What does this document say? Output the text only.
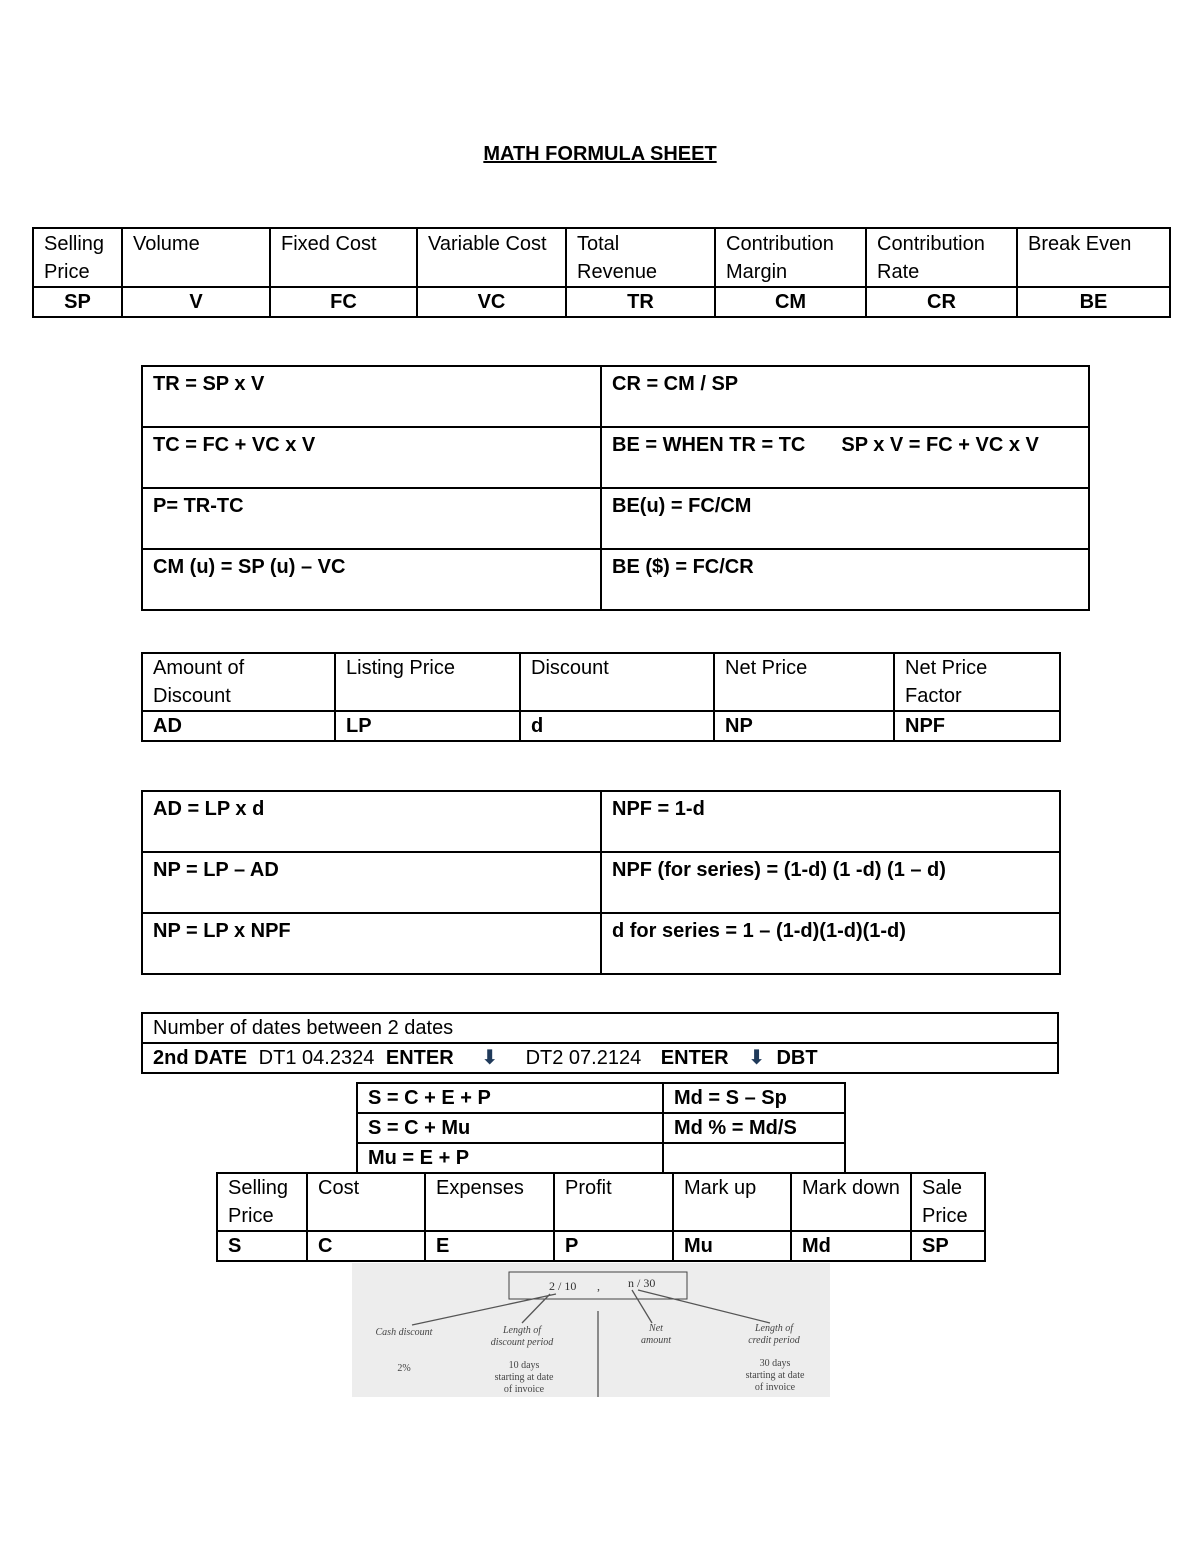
MATH FORMULA SHEET
Selling Price	Volume	Fixed Cost	Variable Cost	Total Revenue	Contribution Margin	Contribution Rate	Break Even
SP	V	FC	VC	TR	CM	CR	BE
TR = SP x V	CR = CM / SP
TC = FC + VC x V	BE = WHEN TR = TC SP x V = FC + VC x V
P= TR-TC	BE(u) = FC/CM
CM (u) = SP (u) – VC	BE ($) = FC/CR
Amount of Discount	Listing Price	Discount	Net Price	Net Price Factor
AD	LP	d	NP	NPF
AD = LP x d	NPF = 1-d
NP = LP – AD	NPF (for series) = (1-d) (1 -d) (1 – d)
NP = LP x NPF	d for series = 1 – (1-d)(1-d)(1-d)
Number of dates between 2 dates
2nd DATE DT1 04.2324 ENTER ⬇ DT2 07.2124 ENTER ⬇ DBT
S = C + E + P	Md = S – Sp
S = C + Mu	Md % = Md/S
Mu = E + P	
Selling Price	Cost	Expenses	Profit	Mark up	Mark down	Sale Price
S	C	E	P	Mu	Md	SP
2 / 10 , n / 30
Cash discount	Length of discount period
Net amount
Length of credit period
2%	10 days starting at date of invoice
30 days starting at date of invoice
